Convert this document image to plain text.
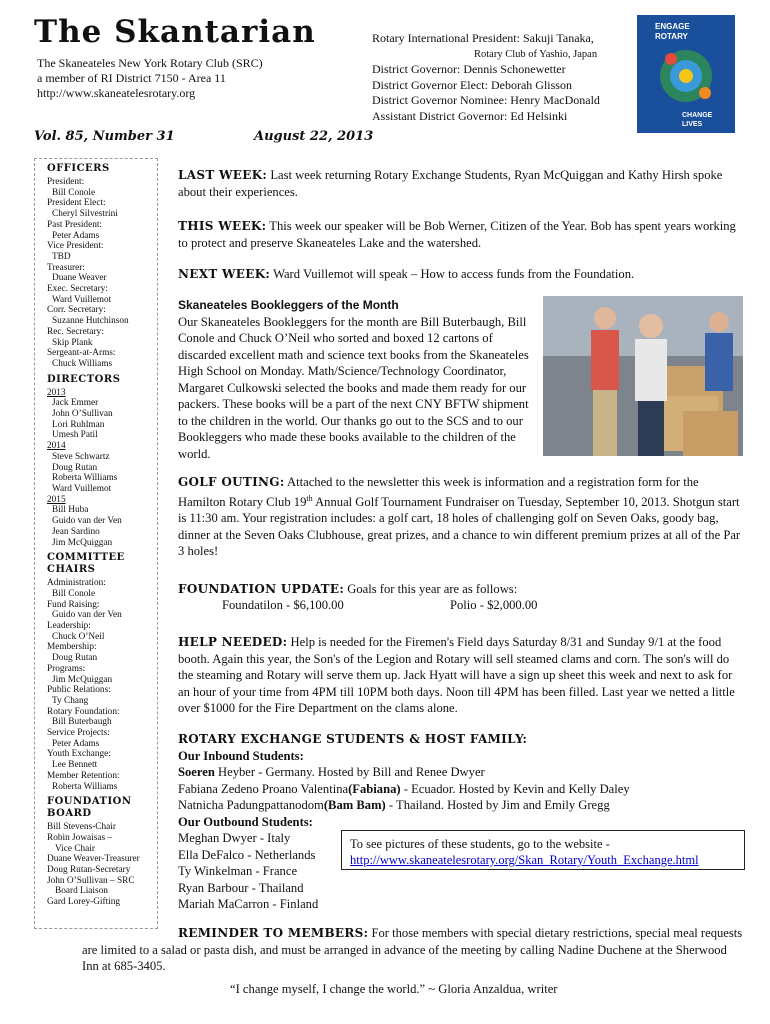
The Skantarian
The Skaneateles New York Rotary Club (SRC)
a member of RI District 7150 - Area 11
http://www.skaneatelesrotary.org
Rotary International President: Sakuji Tanaka,
Rotary Club of Yashio, Japan
District Governor: Dennis Schonewetter
District Governor Elect: Deborah Glisson
District Governor Nominee: Henry MacDonald
Assistant District Governor: Ed Helsinki
ENGAGE
ROTARY
CHANGE
LIVES
Vol. 85, Number 31	August 22, 2013
OFFICERS
President:
Bill Conole
President Elect:
Cheryl Silvestrini
Past President:
Peter Adams
Vice President:
TBD
Treasurer:
Duane Weaver
Exec. Secretary:
Ward Vuillemot
Corr. Secretary:
Suzanne Hutchinson
Rec. Secretary:
Skip Plank
Sergeant-at-Arms:
Chuck Williams
DIRECTORS
2013
Jack Emmer
John O’Sullivan
Lori Ruhlman
Umesh Patil
2014
Steve Schwartz
Doug Rutan
Roberta Williams
Ward Vuillemot
2015
Bill Huba
Guido van der Ven
Jean Sardino
Jim McQuiggan
COMMITTEE CHAIRS
Administration:
Bill Conole
Fund Raising:
Guido van der Ven
Leadership:
Chuck O’Neil
Membership:
Doug Rutan
Programs:
Jim McQuiggan
Public Relations:
Ty Chang
Rotary Foundation:
Bill Buterbaugh
Service Projects:
Peter Adams
Youth Exchange:
Lee Bennett
Member Retention:
Roberta Williams
FOUNDATION BOARD
Bill Stevens-Chair
Robin Jowaisas –
Vice Chair
Duane Weaver-Treasurer
Doug Rutan-Secretary
John O’Sullivan – SRC
Board Liaison
Gard Lorey-Gifting
LAST WEEK: Last week returning Rotary Exchange Students, Ryan McQuiggan and Kathy Hirsh spoke about their experiences.
THIS WEEK: This week our speaker will be Bob Werner, Citizen of the Year. Bob has spent years working to protect and preserve Skaneateles Lake and the watershed.
NEXT WEEK: Ward Vuillemot will speak – How to access funds from the Foundation.
Skaneateles Bookleggers of the Month
Our Skaneateles Bookleggers for the month are Bill Buterbaugh, Bill Conole and Chuck O’Neil who sorted and boxed 12 cartons of discarded excellent math and science text books from the Skaneateles High School on Monday. Math/Science/Technology Coordinator, Margaret Culkowski selected the books and made them ready for our packers. These books will be a part of the next CNY BFTW shipment to the children in the world. Our thanks go out to the SCS and to our Bookleggers who made these books available to the children of the world.
GOLF OUTING: Attached to the newsletter this week is information and a registration form for the Hamilton Rotary Club 19th Annual Golf Tournament Fundraiser on Tuesday, September 10, 2013. Shotgun start is 11:30 am. Your registration includes: a golf cart, 18 holes of challenging golf on Seven Oaks, goody bag, dinner at the Seven Oaks Clubhouse, great prizes, and a chance to win different premium prizes at all of the Par 3 holes!
FOUNDATION UPDATE: Goals for this year are as follows:
Foundatilon - $6,100.00	Polio - $2,000.00
HELP NEEDED: Help is needed for the Firemen's Field days Saturday 8/31 and Sunday 9/1 at the food booth. Again this year, the Son's of the Legion and Rotary will sell steamed clams and corn. The son's will do the steaming and Rotary will serve them up. Jack Hyatt will have a sign up sheet this week and next to ask for an hour of your time from 4PM till 10PM both days. Noon till 4PM has been filled. Last year we netted a little over $1000 for the Fire Department on the clams alone.
ROTARY EXCHANGE STUDENTS & HOST FAMILY:
Our Inbound Students:
Soeren Heyber - Germany. Hosted by Bill and Renee Dwyer
Fabiana Zedeno Proano Valentina(Fabiana) - Ecuador. Hosted by Kevin and Kelly Daley
Natnicha Padungpattanodom(Bam Bam) - Thailand. Hosted by Jim and Emily Gregg
Our Outbound Students:
Meghan Dwyer - Italy
Ella DeFalco - Netherlands
Ty Winkelman - France
Ryan Barbour - Thailand
Mariah MaCarron - Finland
To see pictures of these students, go to the website -
http://www.skaneatelesrotary.org/Skan_Rotary/Youth_Exchange.html
REMINDER TO MEMBERS: For those members with special dietary restrictions, special meal requests are limited to a salad or pasta dish, and must be arranged in advance of the meeting by calling Nadine Duchene at the Sherwood Inn at 685-3405.
“I change myself, I change the world.” ~ Gloria Anzaldua, writer
